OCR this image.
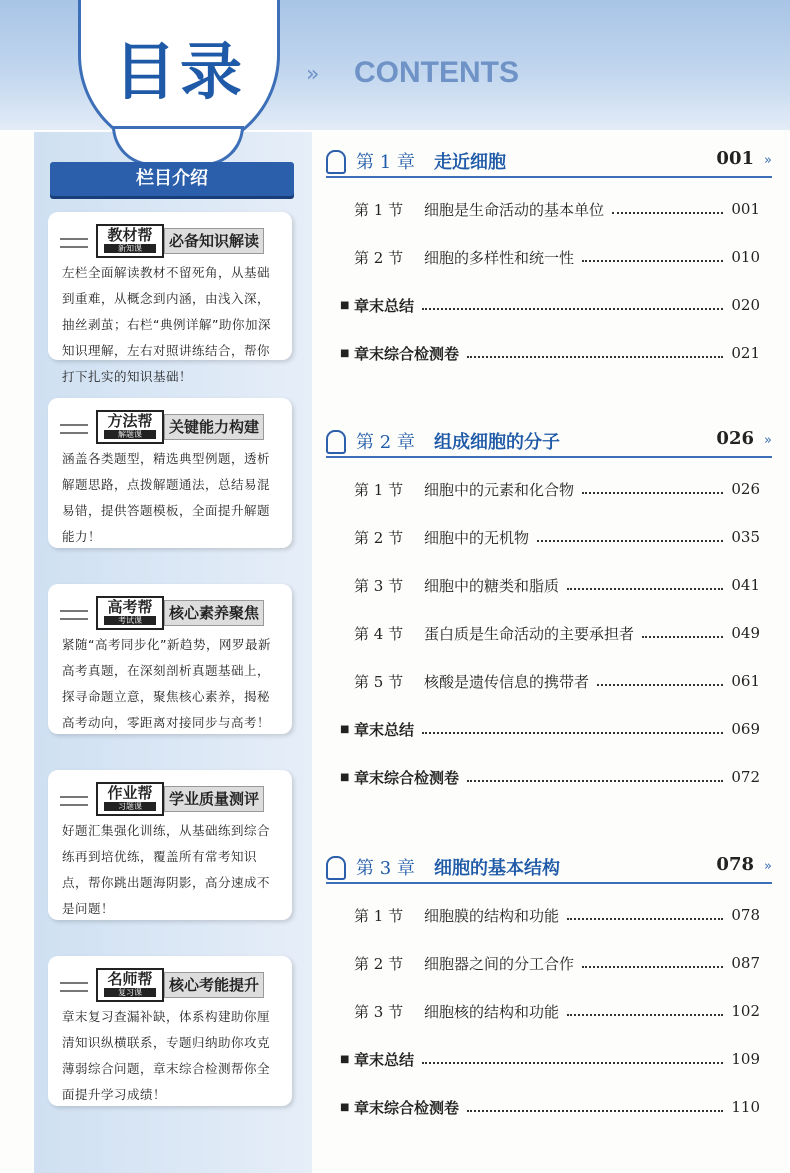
目录	» CONTENTS
栏目介绍
教材帮
新知课	必备知识解读
左栏全面解读教材不留死角，从基础到重难，从概念到内涵，由浅入深，抽丝剥茧；右栏“典例详解”助你加深知识理解，左右对照讲练结合，帮你打下扎实的知识基础！
方法帮
解题课	关键能力构建
涵盖各类题型，精选典型例题，透析解题思路，点拨解题通法，总结易混易错，提供答题模板，全面提升解题能力！
高考帮
考试课	核心素养聚焦
紧随“高考同步化”新趋势，网罗最新高考真题，在深刻剖析真题基础上，探寻命题立意，聚焦核心素养，揭秘高考动向，零距离对接同步与高考！
作业帮
习题课	学业质量测评
好题汇集强化训练，从基础练到综合练再到培优练，覆盖所有常考知识点，帮你跳出题海阴影，高分速成不是问题！
名师帮
复习课	核心考能提升
章末复习查漏补缺，体系构建助你厘清知识纵横联系，专题归纳助你攻克薄弱综合问题，章末综合检测帮你全面提升学习成绩！
第 1 章 走近细胞	001 »
第 1 节	细胞是生命活动的基本单位	001
第 2 节	细胞的多样性和统一性	010
■ 章末总结	020
■ 章末综合检测卷	021
第 2 章 组成细胞的分子	026 »
第 1 节	细胞中的元素和化合物	026
第 2 节	细胞中的无机物	035
第 3 节	细胞中的糖类和脂质	041
第 4 节	蛋白质是生命活动的主要承担者	049
第 5 节	核酸是遗传信息的携带者	061
■ 章末总结	069
■ 章末综合检测卷	072
第 3 章 细胞的基本结构	078 »
第 1 节	细胞膜的结构和功能	078
第 2 节	细胞器之间的分工合作	087
第 3 节	细胞核的结构和功能	102
■ 章末总结	109
■ 章末综合检测卷	110
